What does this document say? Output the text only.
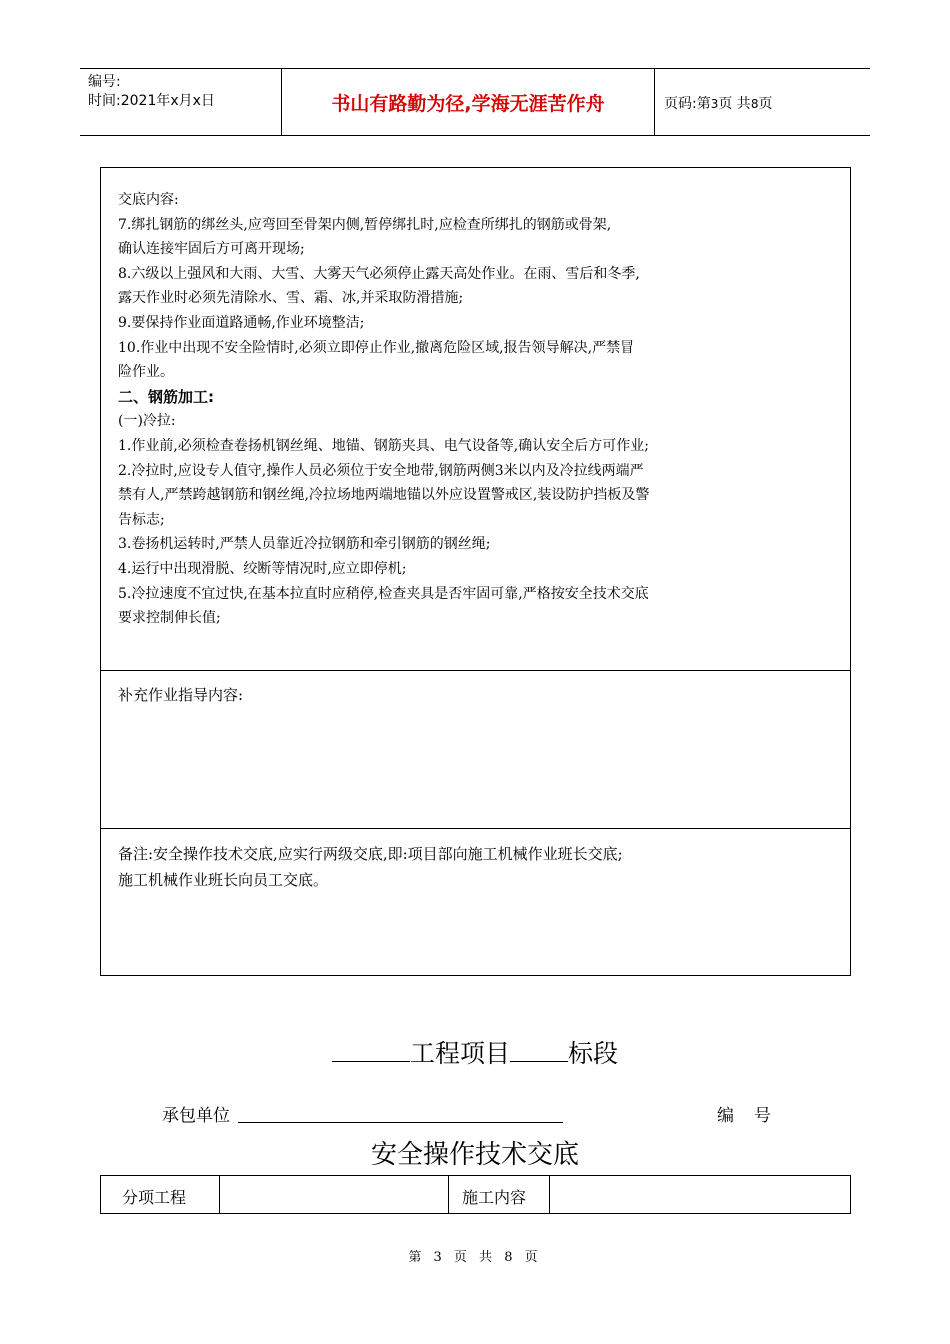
编号:
时间:2021年x月x日	书山有路勤为径,学海无涯苦作舟	页码:第3页 共8页
交底内容:
7.绑扎钢筋的绑丝头,应弯回至骨架内侧,暂停绑扎时,应检查所绑扎的钢筋或骨架,
确认连接牢固后方可离开现场;
8.六级以上强风和大雨、大雪、大雾天气必须停止露天高处作业。在雨、雪后和冬季,
露天作业时必须先清除水、雪、霜、冰,并采取防滑措施;
9.要保持作业面道路通畅,作业环境整洁;
10.作业中出现不安全险情时,必须立即停止作业,撤离危险区域,报告领导解决,严禁冒
险作业。
二、钢筋加工:
(一)冷拉:
1.作业前,必须检查卷扬机钢丝绳、地锚、钢筋夹具、电气设备等,确认安全后方可作业;
2.冷拉时,应设专人值守,操作人员必须位于安全地带,钢筋两侧3米以内及冷拉线两端严
禁有人,严禁跨越钢筋和钢丝绳,冷拉场地两端地锚以外应设置警戒区,装设防护挡板及警
告标志;
3.卷扬机运转时,严禁人员靠近冷拉钢筋和牵引钢筋的钢丝绳;
4.运行中出现滑脱、绞断等情况时,应立即停机;
5.冷拉速度不宜过快,在基本拉直时应稍停,检查夹具是否牢固可靠,严格按安全技术交底
要求控制伸长值;
补充作业指导内容:
备注:安全操作技术交底,应实行两级交底,即:项目部向施工机械作业班长交底;
施工机械作业班长向员工交底。
工程项目 标段
承包单位	编号
安全操作技术交底
分项工程	施工内容
第 3 页 共 8 页
